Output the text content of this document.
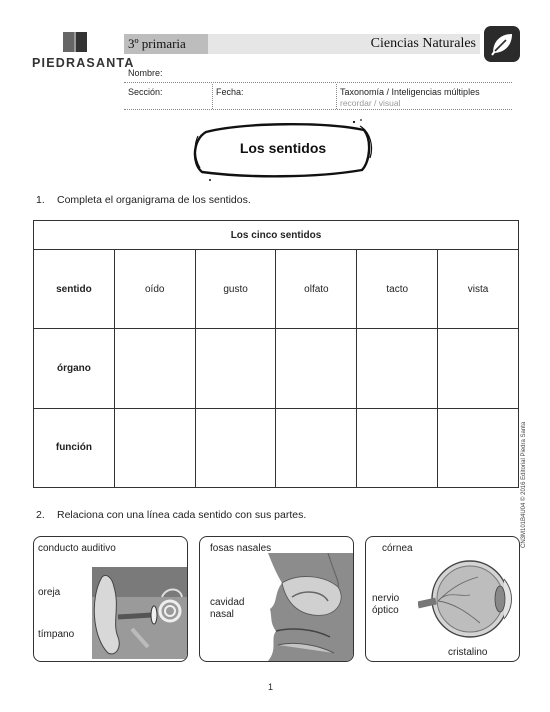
PIEDRASANTA
3º primaria	Ciencias Naturales
Nombre:
Sección:	Fecha:	Taxonomía / Inteligencias múltiples
recordar / visual
Los sentidos
1. Completa el organigrama de los sentidos.
Los cinco sentidos					
sentido	oído	gusto	olfato	tacto	vista
órgano					
función					
2. Relaciona con una línea cada sentido con sus partes.
conducto auditivo
oreja
tímpano
fosas nasales
cavidad
nasal
córnea
nervio
óptico
cristalino
1
CN3M101B4U04 © 2016 Editorial Piedra Santa
